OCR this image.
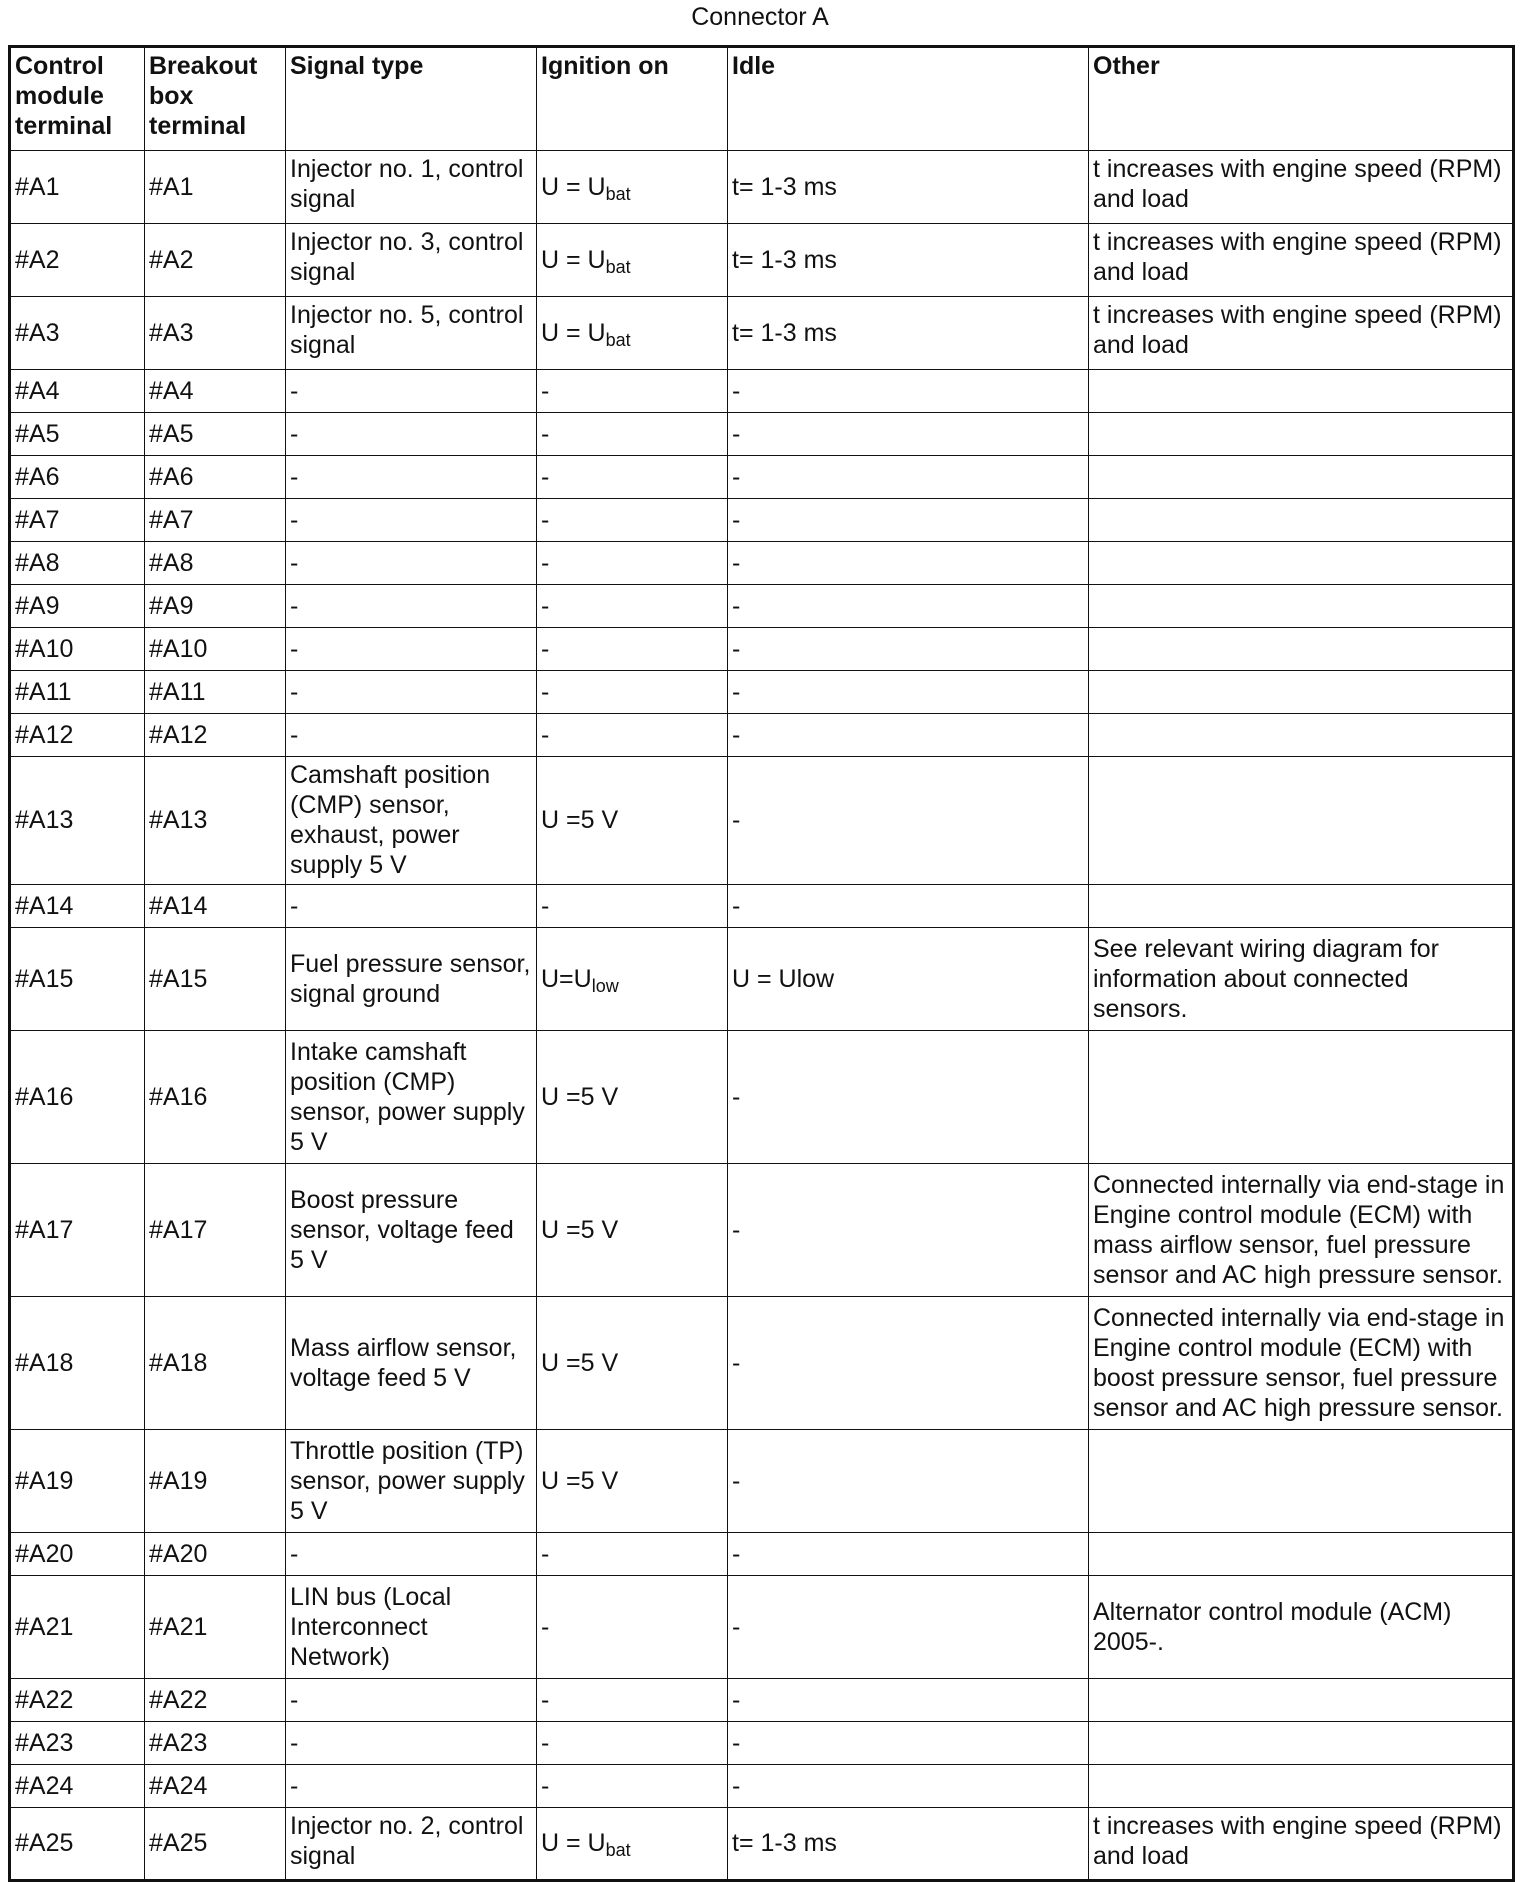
Connector A
Control module terminal	Breakout box terminal	Signal type	Ignition on	Idle	Other
#A1	#A1	Injector no. 1, control signal	$U = U_{bat}$	t= 1-3 ms	t increases with engine speed (RPM) and load
#A2	#A2	Injector no. 3, control signal	$U = U_{bat}$	t= 1-3 ms	t increases with engine speed (RPM) and load
#A3	#A3	Injector no. 5, control signal	$U = U_{bat}$	t= 1-3 ms	t increases with engine speed (RPM) and load
#A4	#A4	-	-	-	
#A5	#A5	-	-	-	
#A6	#A6	-	-	-	
#A7	#A7	-	-	-	
#A8	#A8	-	-	-	
#A9	#A9	-	-	-	
#A10	#A10	-	-	-	
#A11	#A11	-	-	-	
#A12	#A12	-	-	-	
#A13	#A13	Camshaft position (CMP) sensor, exhaust, power supply 5 V	U =5 V	-	
#A14	#A14	-	-	-	
#A15	#A15	Fuel pressure sensor, signal ground	$U=U_{low}$	U = Ulow	See relevant wiring diagram for information about connected sensors.
#A16	#A16	Intake camshaft position (CMP) sensor, power supply 5 V	U =5 V	-	
#A17	#A17	Boost pressure sensor, voltage feed 5 V	U =5 V	-	Connected internally via end-stage in Engine control module (ECM) with mass airflow sensor, fuel pressure sensor and AC high pressure sensor.
#A18	#A18	Mass airflow sensor, voltage feed 5 V	U =5 V	-	Connected internally via end-stage in Engine control module (ECM) with boost pressure sensor, fuel pressure sensor and AC high pressure sensor.
#A19	#A19	Throttle position (TP) sensor, power supply 5 V	U =5 V	-	
#A20	#A20	-	-	-	
#A21	#A21	LIN bus (Local Interconnect Network)	-	-	Alternator control module (ACM) 2005-.
#A22	#A22	-	-	-	
#A23	#A23	-	-	-	
#A24	#A24	-	-	-	
#A25	#A25	Injector no. 2, control signal	$U = U_{bat}$	t= 1-3 ms	t increases with engine speed (RPM) and load
